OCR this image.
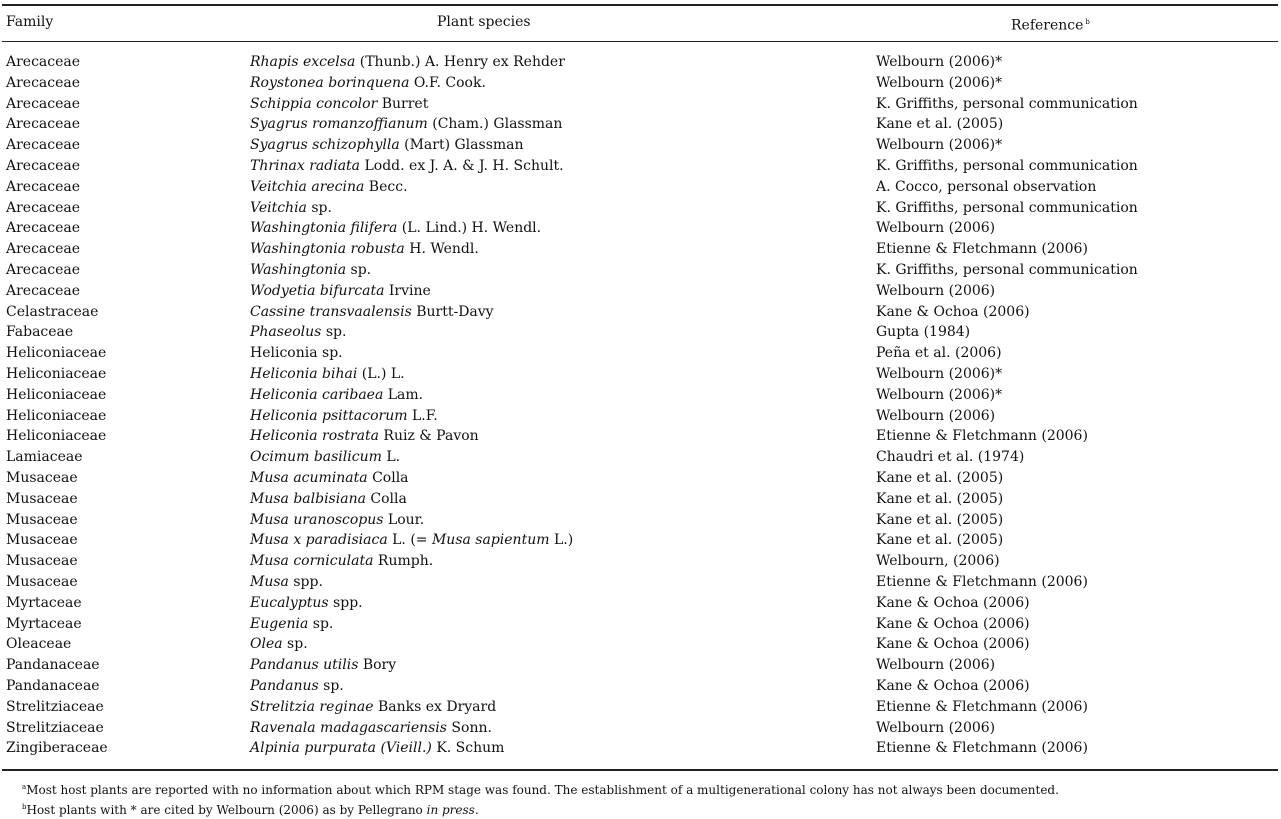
Family	Plant species	Reference $^b$
Arecaceae	Rhapis excelsa (Thunb.) A. Henry ex Rehder	Welbourn (2006)*
Arecaceae	Roystonea borinquena O.F. Cook.	Welbourn (2006)*
Arecaceae	Schippia concolor Burret	K. Griffiths, personal communication
Arecaceae	Syagrus romanzoffianum (Cham.) Glassman	Kane et al. (2005)
Arecaceae	Syagrus schizophylla (Mart) Glassman	Welbourn (2006)*
Arecaceae	Thrinax radiata Lodd. ex J. A. & J. H. Schult.	K. Griffiths, personal communication
Arecaceae	Veitchia arecina Becc.	A. Cocco, personal observation
Arecaceae	Veitchia sp.	K. Griffiths, personal communication
Arecaceae	Washingtonia filifera (L. Lind.) H. Wendl.	Welbourn (2006)
Arecaceae	Washingtonia robusta H. Wendl.	Etienne & Fletchmann (2006)
Arecaceae	Washingtonia sp.	K. Griffiths, personal communication
Arecaceae	Wodyetia bifurcata Irvine	Welbourn (2006)
Celastraceae	Cassine transvaalensis Burtt-Davy	Kane & Ochoa (2006)
Fabaceae	Phaseolus sp.	Gupta (1984)
Heliconiaceae	Heliconia sp.	Peña et al. (2006)
Heliconiaceae	Heliconia bihai (L.) L.	Welbourn (2006)*
Heliconiaceae	Heliconia caribaea Lam.	Welbourn (2006)*
Heliconiaceae	Heliconia psittacorum L.F.	Welbourn (2006)
Heliconiaceae	Heliconia rostrata Ruiz & Pavon	Etienne & Fletchmann (2006)
Lamiaceae	Ocimum basilicum L.	Chaudri et al. (1974)
Musaceae	Musa acuminata Colla	Kane et al. (2005)
Musaceae	Musa balbisiana Colla	Kane et al. (2005)
Musaceae	Musa uranoscopus Lour.	Kane et al. (2005)
Musaceae	Musa x paradisiaca L. (= Musa sapientum L.)	Kane et al. (2005)
Musaceae	Musa corniculata Rumph.	Welbourn, (2006)
Musaceae	Musa spp.	Etienne & Fletchmann (2006)
Myrtaceae	Eucalyptus spp.	Kane & Ochoa (2006)
Myrtaceae	Eugenia sp.	Kane & Ochoa (2006)
Oleaceae	Olea sp.	Kane & Ochoa (2006)
Pandanaceae	Pandanus utilis Bory	Welbourn (2006)
Pandanaceae	Pandanus sp.	Kane & Ochoa (2006)
Strelitziaceae	Strelitzia reginae Banks ex Dryard	Etienne & Fletchmann (2006)
Strelitziaceae	Ravenala madagascariensis Sonn.	Welbourn (2006)
Zingiberaceae	Alpinia purpurata (Vieill.) K. Schum	Etienne & Fletchmann (2006)
$^a$Most host plants are reported with no information about which RPM stage was found. The establishment of a multigenerational colony has not always been documented.
$^b$Host plants with * are cited by Welbourn (2006) as by Pellegrano in press.
